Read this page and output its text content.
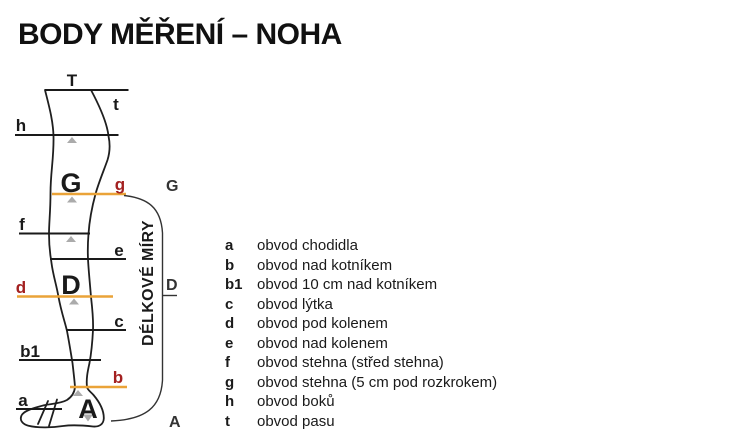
BODY MĚŘENÍ – NOHA
DÉLKOVÉ MÍRY
G
D
A
T
t
h
f
e
c
b1
a
g
d
b
G
D
A
a	obvod chodidla
b	obvod nad kotníkem
b1 obvod 10 cm nad kotníkem
c	obvod lýtka
d	obvod pod kolenem
e	obvod nad kolenem
f	obvod stehna (střed stehna)
g	obvod stehna (5 cm pod rozkrokem)
h	obvod boků
t	obvod pasu
